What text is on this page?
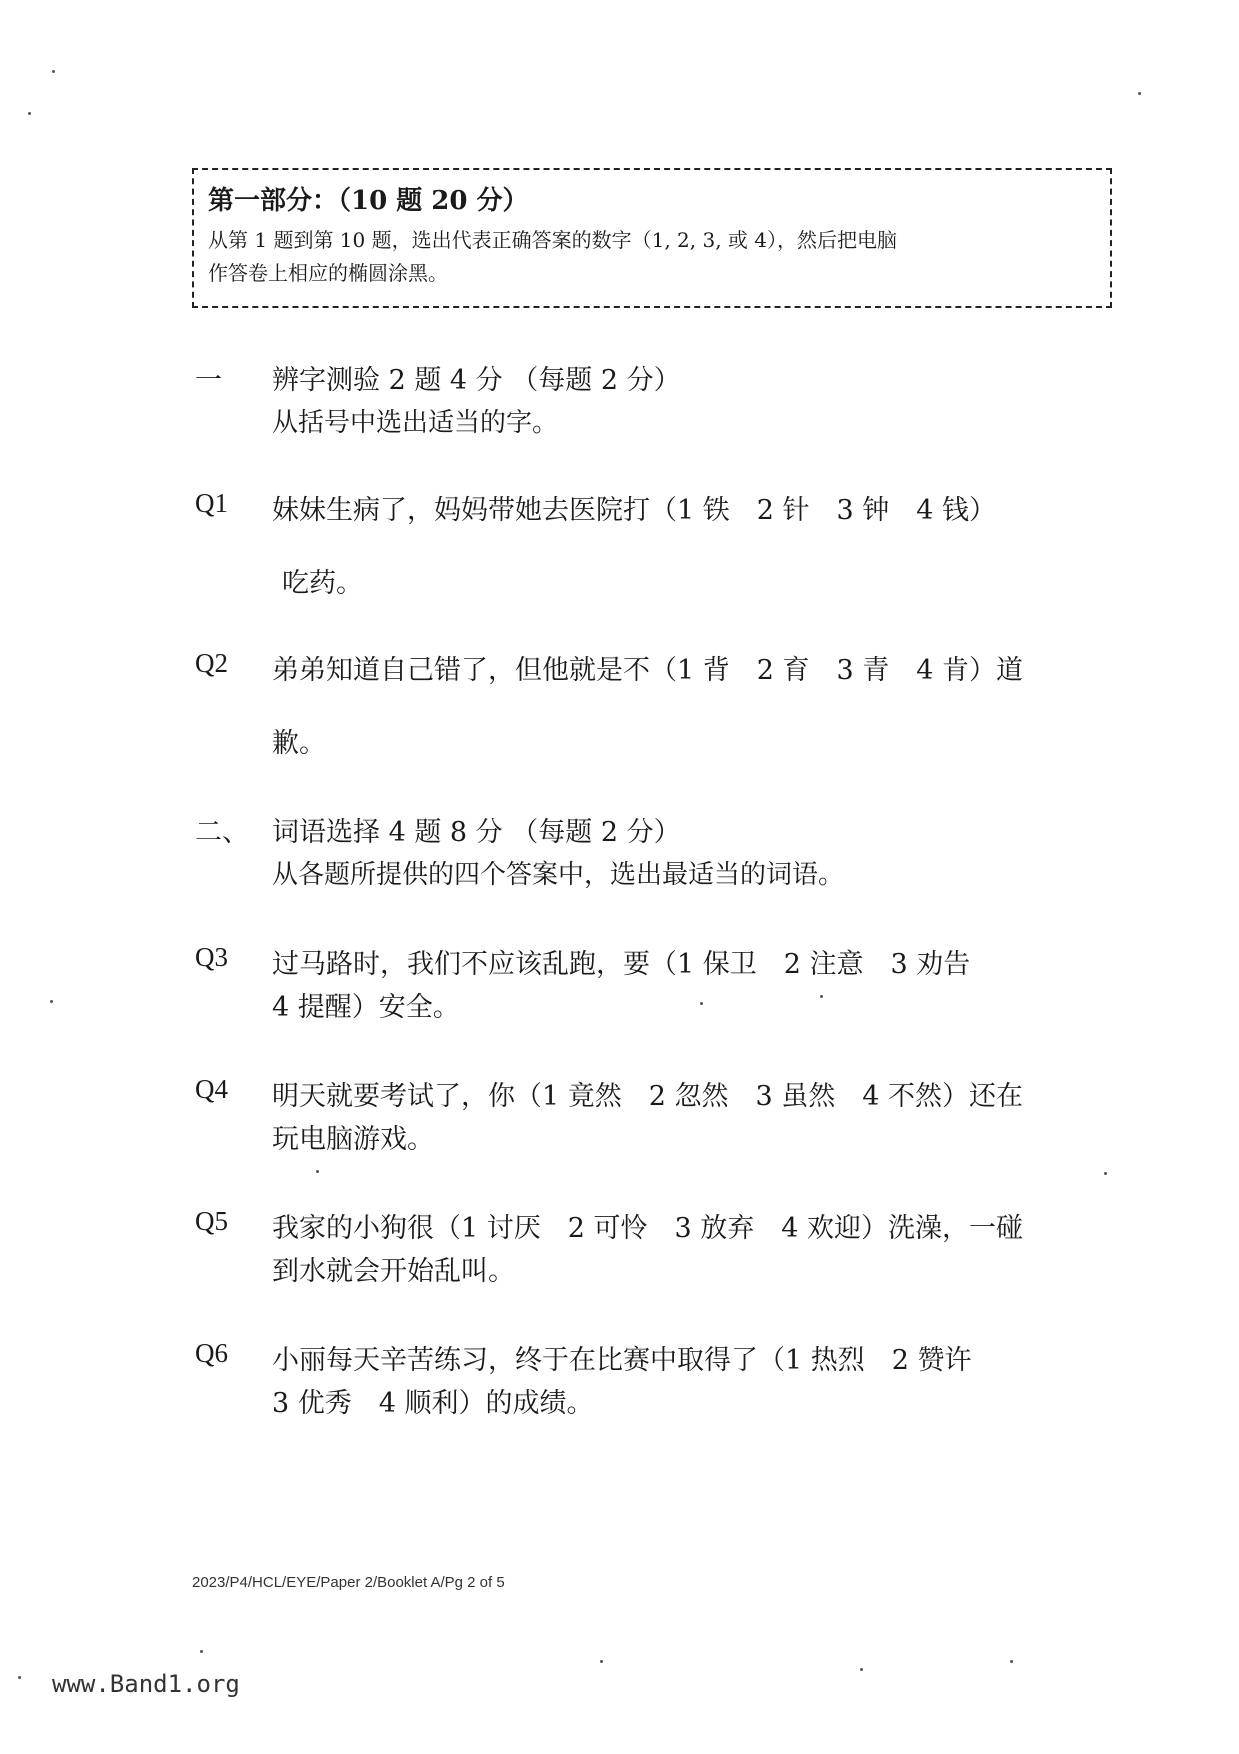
第一部分：（10 题 20 分）
从第 1 题到第 10 题，选出代表正确答案的数字（1, 2, 3, 或 4），然后把电脑
作答卷上相应的椭圆涂黑。
一	辨字测验 2 题 4 分 （每题 2 分）
从括号中选出适当的字。
Q1 妹妹生病了，妈妈带她去医院打（1 铁　2 针　3 钟　4 钱）
吃药。
Q2 弟弟知道自己错了，但他就是不（1 背　2 育　3 青　4 肯）道
歉。
二、 词语选择 4 题 8 分 （每题 2 分）
从各题所提供的四个答案中，选出最适当的词语。
Q3 过马路时，我们不应该乱跑，要（1 保卫　2 注意　3 劝告
4 提醒）安全。
Q4 明天就要考试了，你（1 竟然　2 忽然　3 虽然　4 不然）还在
玩电脑游戏。
Q5 我家的小狗很（1 讨厌　2 可怜　3 放弃　4 欢迎）洗澡，一碰
到水就会开始乱叫。
Q6 小丽每天辛苦练习，终于在比赛中取得了（1 热烈　2 赞许
3 优秀　4 顺利）的成绩。
2023/P4/HCL/EYE/Paper 2/Booklet A/Pg 2 of 5
www.Band1.org
